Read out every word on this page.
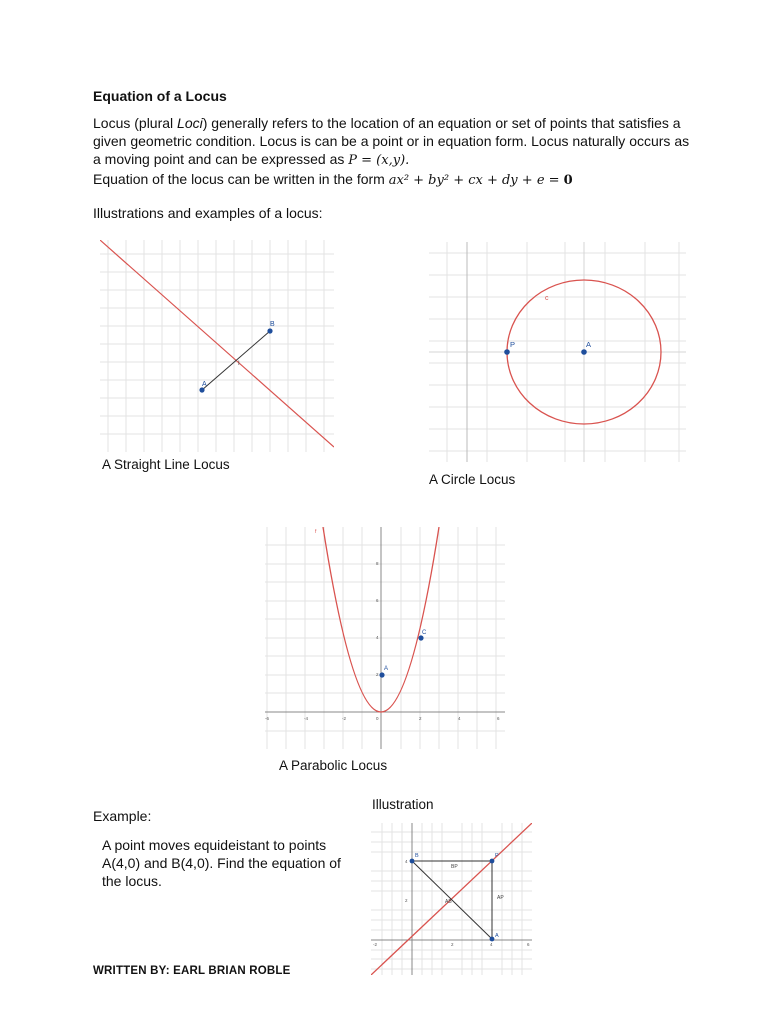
Equation of a Locus
Locus (plural Loci) generally refers to the location of an equation or set of points that satisfies a given geometric condition. Locus is can be a point or in equation form. Locus naturally occurs as a moving point and can be expressed as P = (x,y).
Equation of the locus can be written in the form ax² + by² + cx + dy + e = 0
Illustrations and examples of a locus:
A
B
I
A Straight Line Locus
P	A
c
A Circle Locus
-6	-4	-2	0	2	4	6
2
4
6
8
A
C
f
A Parabolic Locus
Illustration
Example:
A point moves equideistant to points A(4,0) and B(4,0). Find the equation of the locus.
4
2
-2	2	4	6
B	P
A
BP
AP
AB
WRITTEN BY: EARL BRIAN ROBLE
